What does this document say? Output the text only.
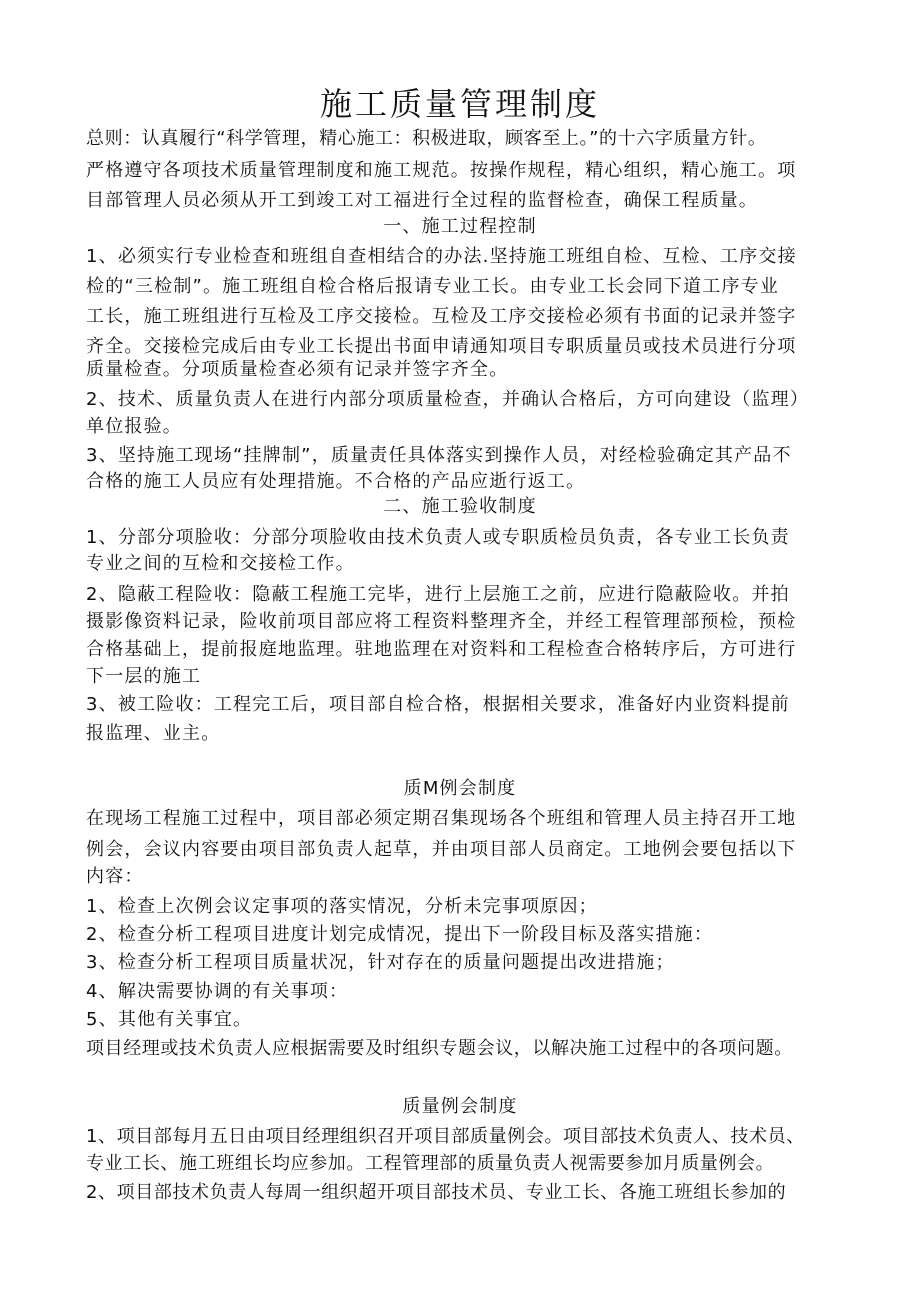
施工质量管理制度
总则：认真履行“科学管理，精心施工：积极进取，顾客至上。”的十六字质量方针。
严格遵守各项技术质量管理制度和施工规范。按操作规程，精心组织，精心施工。项
目部管理人员必须从开工到竣工对工福进行全过程的监督检查，确保工程质量。
一、施工过程控制
1、必须实行专业检查和班组自查相结合的办法.坚持施工班组自检、互检、工序交接
检的“三检制”。施工班组自检合格后报请专业工长。由专业工长会同下道工序专业
工长，施工班组进行互检及工序交接检。互检及工序交接检必须有书面的记录并签字
齐全。交接检完成后由专业工长提出书面申请通知项目专职质量员或技术员进行分项
质量检查。分项质量检查必须有记录并签字齐全。
2、技术、质量负责人在进行内部分项质量检查，并确认合格后，方可向建设（监理）
单位报验。
3、坚持施工现场“挂牌制”，质量责任具体落实到操作人员，对经检验确定其产品不
合格的施工人员应有处理措施。不合格的产品应逝行返工。
二、施工验收制度
1、分部分项脸收：分部分项脸收由技术负责人或专职质检员负责，各专业工长负责
专业之间的互检和交接检工作。
2、隐蔽工程险收：隐蔽工程施工完毕，进行上层施工之前，应进行隐蔽险收。并拍
摄影像资料记录，险收前项目部应将工程资料整理齐全，并经工程管理部预检，预检
合格基础上，提前报庭地监理。驻地监理在对资料和工程检查合格转序后，方可进行
下一层的施工
3、被工险收：工程完工后，项目部自检合格，根据相关要求，准备好内业资料提前
报监理、业主。
质M例会制度
在现场工程施工过程中，项目部必须定期召集现场各个班组和管理人员主持召开工地
例会，会议内容要由项目部负责人起草，并由项目部人员商定。工地例会要包括以下
内容：
1、检查上次例会议定事项的落实情况，分析未完事项原因；
2、检查分析工程项目进度计划完成情况，提出下一阶段目标及落实措施：
3、检查分析工程项目质量状况，针对存在的质量问题提出改进措施；
4、解决需要协调的有关事项：
5、其他有关事宜。
项目经理或技术负责人应根据需要及时组织专题会议，以解决施工过程中的各项问题。
质量例会制度
1、项目部每月五日由项目经理组织召开项目部质量例会。项目部技术负责人、技术员、
专业工长、施工班组长均应参加。工程管理部的质量负责人视需要参加月质量例会。
2、项目部技术负责人每周一组织超开项目部技术员、专业工长、各施工班组长参加的
